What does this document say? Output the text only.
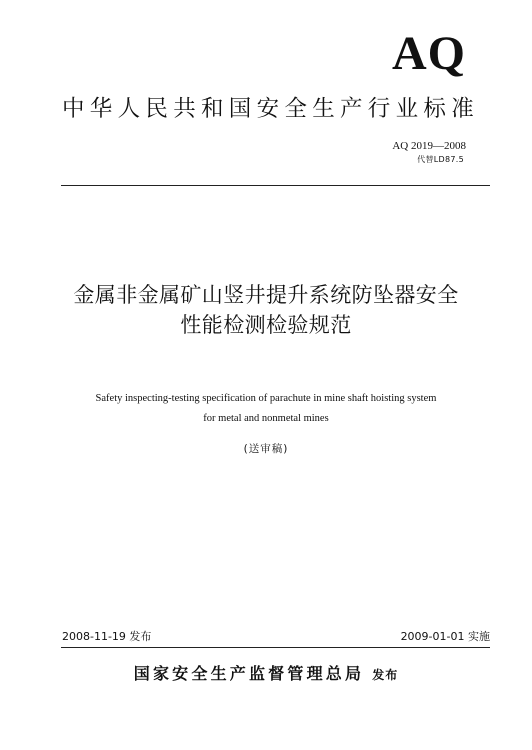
AQ
中华人民共和国安全生产行业标准
AQ 2019—2008
代替LD87.5
金属非金属矿山竖井提升系统防坠器安全
性能检测检验规范
Safety inspecting-testing specification of parachute in mine shaft hoisting system
for metal and nonmetal mines
(送审稿)
2008-11-19 发布	2009-01-01 实施
国家安全生产监督管理总局 发布
